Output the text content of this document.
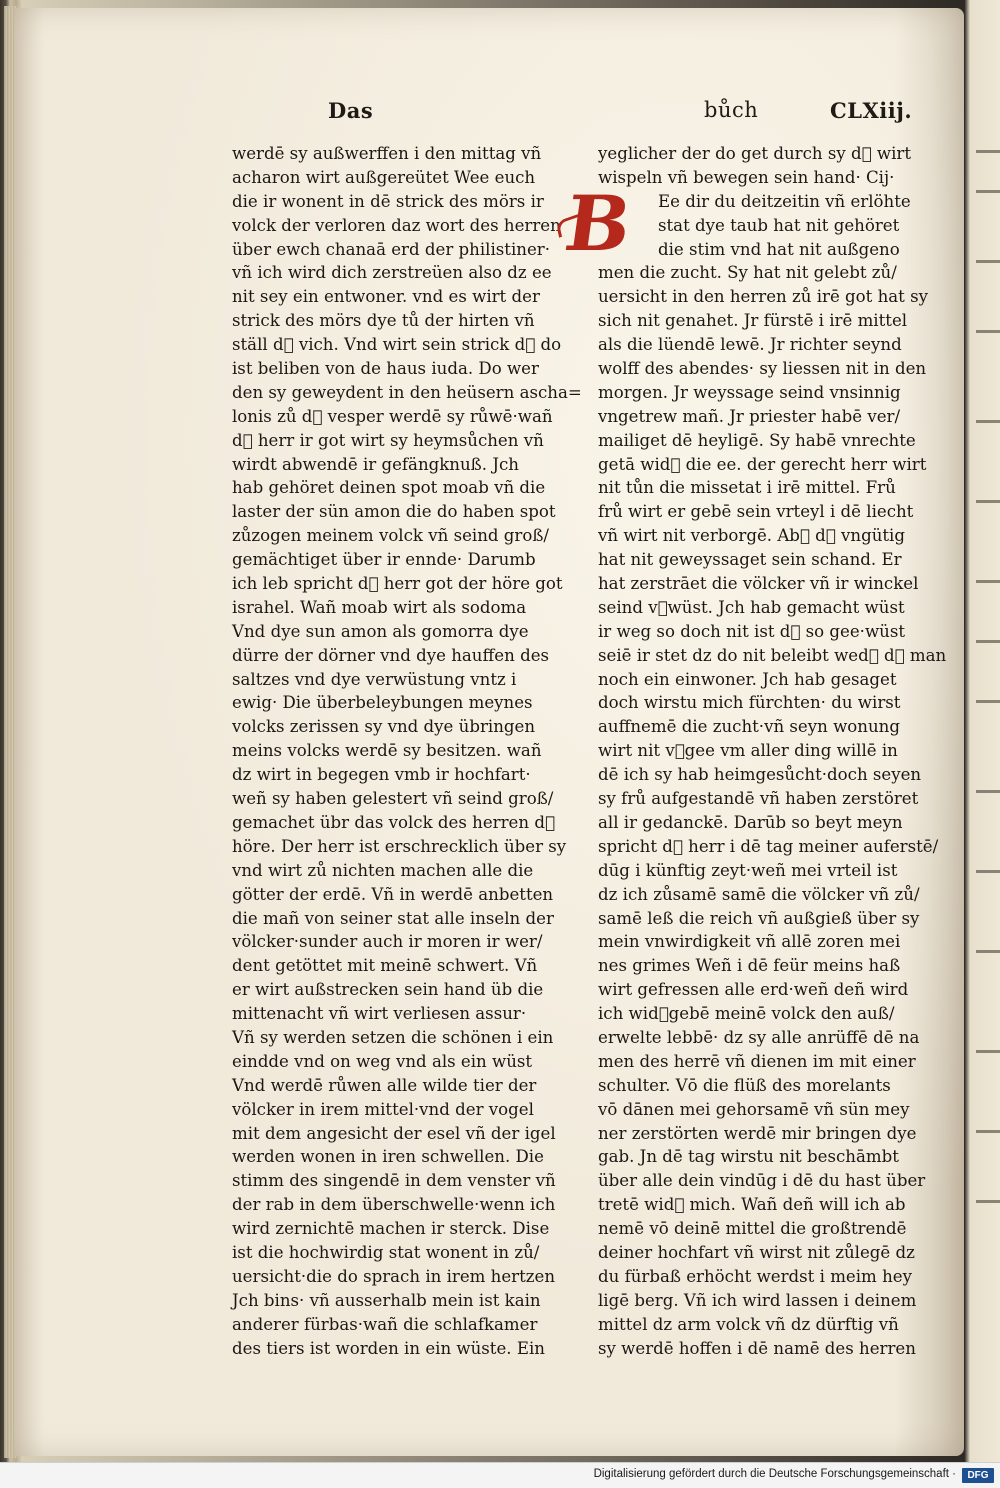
Das	bůch	CLXiij.
werdē sy außwerffen i den mittag vñ
acharon wirt außgereütet Wee euch
die ir wonent in dē strick des mörs ir
volck der verloren daz wort des herren
über ewch chanaā erd der philistiner·
vñ ich wird dich zerstreüen also dz ee
nit sey ein entwoner. vnd es wirt der
strick des mörs dye tů der hirten vñ
ställ d᷑ vich. Vnd wirt sein strick d᷑ do
ist beliben von de haus iuda. Do wer
den sy geweydent in den heüsern ascha=
lonis zů d᷑ vesper werdē sy růwē·wañ
d᷑ herr ir got wirt sy heymsůchen vñ
wirdt abwendē ir gefängknuß. Jch
hab gehöret deinen spot moab vñ die
laster der sün amon die do haben spot
zůzogen meinem volck vñ seind groß/
gemächtiget über ir ennde· Darumb
ich leb spricht d᷑ herr got der höre got
israhel. Wañ moab wirt als sodoma
Vnd dye sun amon als gomorra dye
dürre der dörner vnd dye hauffen des
saltzes vnd dye verwüstung vntz i
ewig· Die überbeleybungen meynes
volcks zerissen sy vnd dye übringen
meins volcks werdē sy besitzen. wañ
dz wirt in begegen vmb ir hochfart·
weñ sy haben gelestert vñ seind groß/
gemachet übr das volck des herren d᷑
höre. Der herr ist erschrecklich über sy
vnd wirt zů nichten machen alle die
götter der erdē. Vñ in werdē anbetten
die mañ von seiner stat alle inseln der
völcker·sunder auch ir moren ir wer/
dent getöttet mit meinē schwert. Vñ
er wirt außstrecken sein hand üb die
mittenacht vñ wirt verliesen assur·
Vñ sy werden setzen die schönen i ein
eindde vnd on weg vnd als ein wüst
Vnd werdē růwen alle wilde tier der
völcker in irem mittel·vnd der vogel
mit dem angesicht der esel vñ der igel
werden wonen in iren schwellen. Die
stimm des singendē in dem venster vñ
der rab in dem überschwelle·wenn ich
wird zernichtē machen ir sterck. Dise
ist die hochwirdig stat wonent in zů/
uersicht·die do sprach in irem hertzen
Jch bins· vñ ausserhalb mein ist kain
anderer fürbas·wañ die schlafkamer
des tiers ist worden in ein wüste. Ein
B
yeglicher der do get durch sy d᷑ wirt
wispeln vñ bewegen sein hand· Cij·
Ee dir du deitzeitin vñ erlöhte
stat dye taub hat nit gehöret
die stim vnd hat nit außgeno
men die zucht. Sy hat nit gelebt zů/
uersicht in den herren zů irē got hat sy
sich nit genahet. Jr fürstē i irē mittel
als die lüendē lewē. Jr richter seynd
wolff des abendes· sy liessen nit in den
morgen. Jr weyssage seind vnsinnig
vngetrew mañ. Jr priester habē ver/
mailiget dē heyligē. Sy habē vnrechte
getā wid᷑ die ee. der gerecht herr wirt
nit tůn die missetat i irē mittel. Frů
frů wirt er gebē sein vrteyl i dē liecht
vñ wirt nit verborgē. Ab᷑ d᷑ vngütig
hat nit geweyssaget sein schand. Er
hat zerstrāet die völcker vñ ir winckel
seind v᷑wüst. Jch hab gemacht wüst
ir weg so doch nit ist d᷑ so gee·wüst
seiē ir stet dz do nit beleibt wed᷑ d᷑ man
noch ein einwoner. Jch hab gesaget
doch wirstu mich fürchten· du wirst
auffnemē die zucht·vñ seyn wonung
wirt nit v᷑gee vm aller ding willē in
dē ich sy hab heimgesůcht·doch seyen
sy frů aufgestandē vñ haben zerstöret
all ir gedanckē. Darūb so beyt meyn
spricht d᷑ herr i dē tag meiner auferstē/
dūg i künftig zeyt·weñ mei vrteil ist
dz ich zůsamē samē die völcker vñ zů/
samē leß die reich vñ außgieß über sy
mein vnwirdigkeit vñ allē zoren mei
nes grimes Weñ i dē feür meins haß
wirt gefressen alle erd·weñ deñ wird
ich wid᷑gebē meinē volck den auß/
erwelte lebbē· dz sy alle anrüffē dē na
men des herrē vñ dienen im mit einer
schulter. Vō die flüß des morelants
vō dānen mei gehorsamē vñ sün mey
ner zerstörten werdē mir bringen dye
gab. Jn dē tag wirstu nit beschāmbt
über alle dein vindūg i dē du hast über
tretē wid᷑ mich. Wañ deñ will ich ab
nemē vō deinē mittel die großtrendē
deiner hochfart vñ wirst nit zůlegē dz
du fürbaß erhöcht werdst i meim hey
ligē berg. Vñ ich wird lassen i deinem
mittel dz arm volck vñ dz dürftig vñ
sy werdē hoffen i dē namē des herren
Digitalisierung gefördert durch die Deutsche Forschungsgemeinschaft ·	DFG
